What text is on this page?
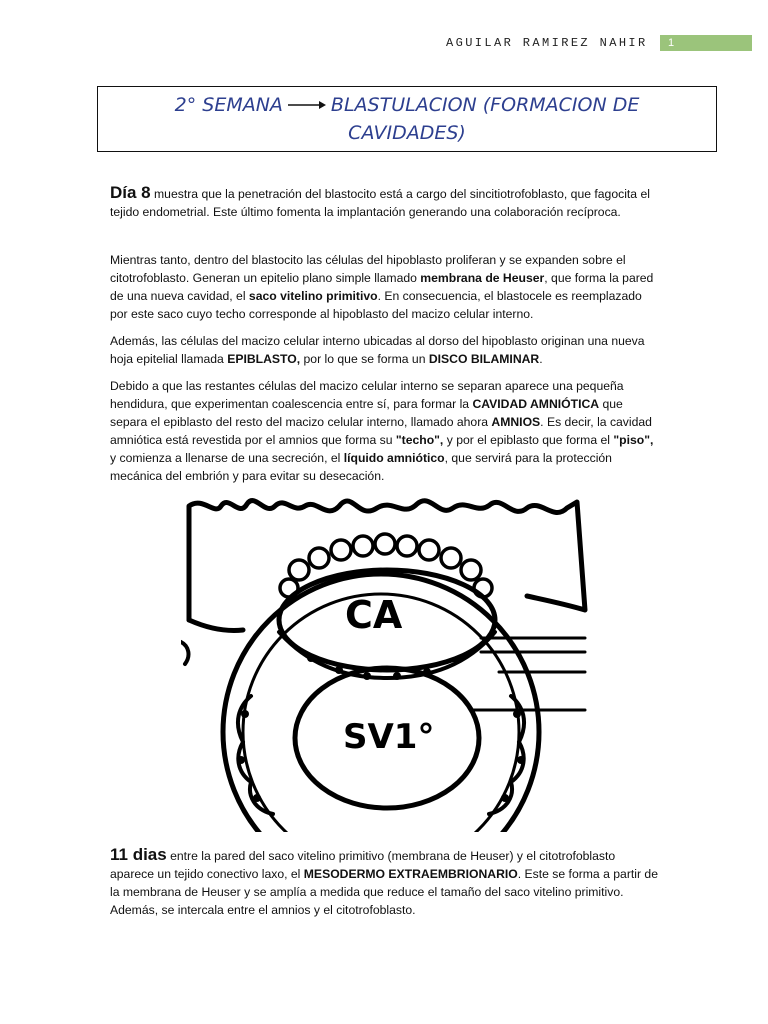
AGUILAR RAMIREZ NAHIR	1
2° SEMANA	BLASTULACION (FORMACION DE
CAVIDADES)

Día 8 muestra que la penetración del blastocito está a cargo del sincitiotrofoblasto, que fagocita el tejido endometrial. Este último fomenta la implantación generando una colaboración recíproca.

Mientras tanto, dentro del blastocito las células del hipoblasto proliferan y se expanden sobre el citotrofoblasto. Generan un epitelio plano simple llamado membrana de Heuser, que forma la pared de una nueva cavidad, el saco vitelino primitivo. En consecuencia, el blastocele es reemplazado por este saco cuyo techo corresponde al hipoblasto del macizo celular interno.

Además, las células del macizo celular interno ubicadas al dorso del hipoblasto originan una nueva hoja epitelial llamada EPIBLASTO, por lo que se forma un DISCO BILAMINAR.

Debido a que las restantes células del macizo celular interno se separan aparece una pequeña hendidura, que experimentan coalescencia entre sí, para formar la CAVIDAD AMNIÓTICA que separa el epiblasto del resto del macizo celular interno, llamado ahora AMNIOS. Es decir, la cavidad amniótica está revestida por el amnios que forma su "techo", y por el epiblasto que forma el "piso", y comienza a llenarse de una secreción, el líquido amniótico, que servirá para la protección mecánica del embrión y para evitar su desecación.

CA
SV1°

11 dias entre la pared del saco vitelino primitivo (membrana de Heuser) y el citotrofoblasto aparece un tejido conectivo laxo, el MESODERMO EXTRAEMBRIONARIO. Este se forma a partir de la membrana de Heuser y se amplía a medida que reduce el tamaño del saco vitelino primitivo. Además, se intercala entre el amnios y el citotrofoblasto.
